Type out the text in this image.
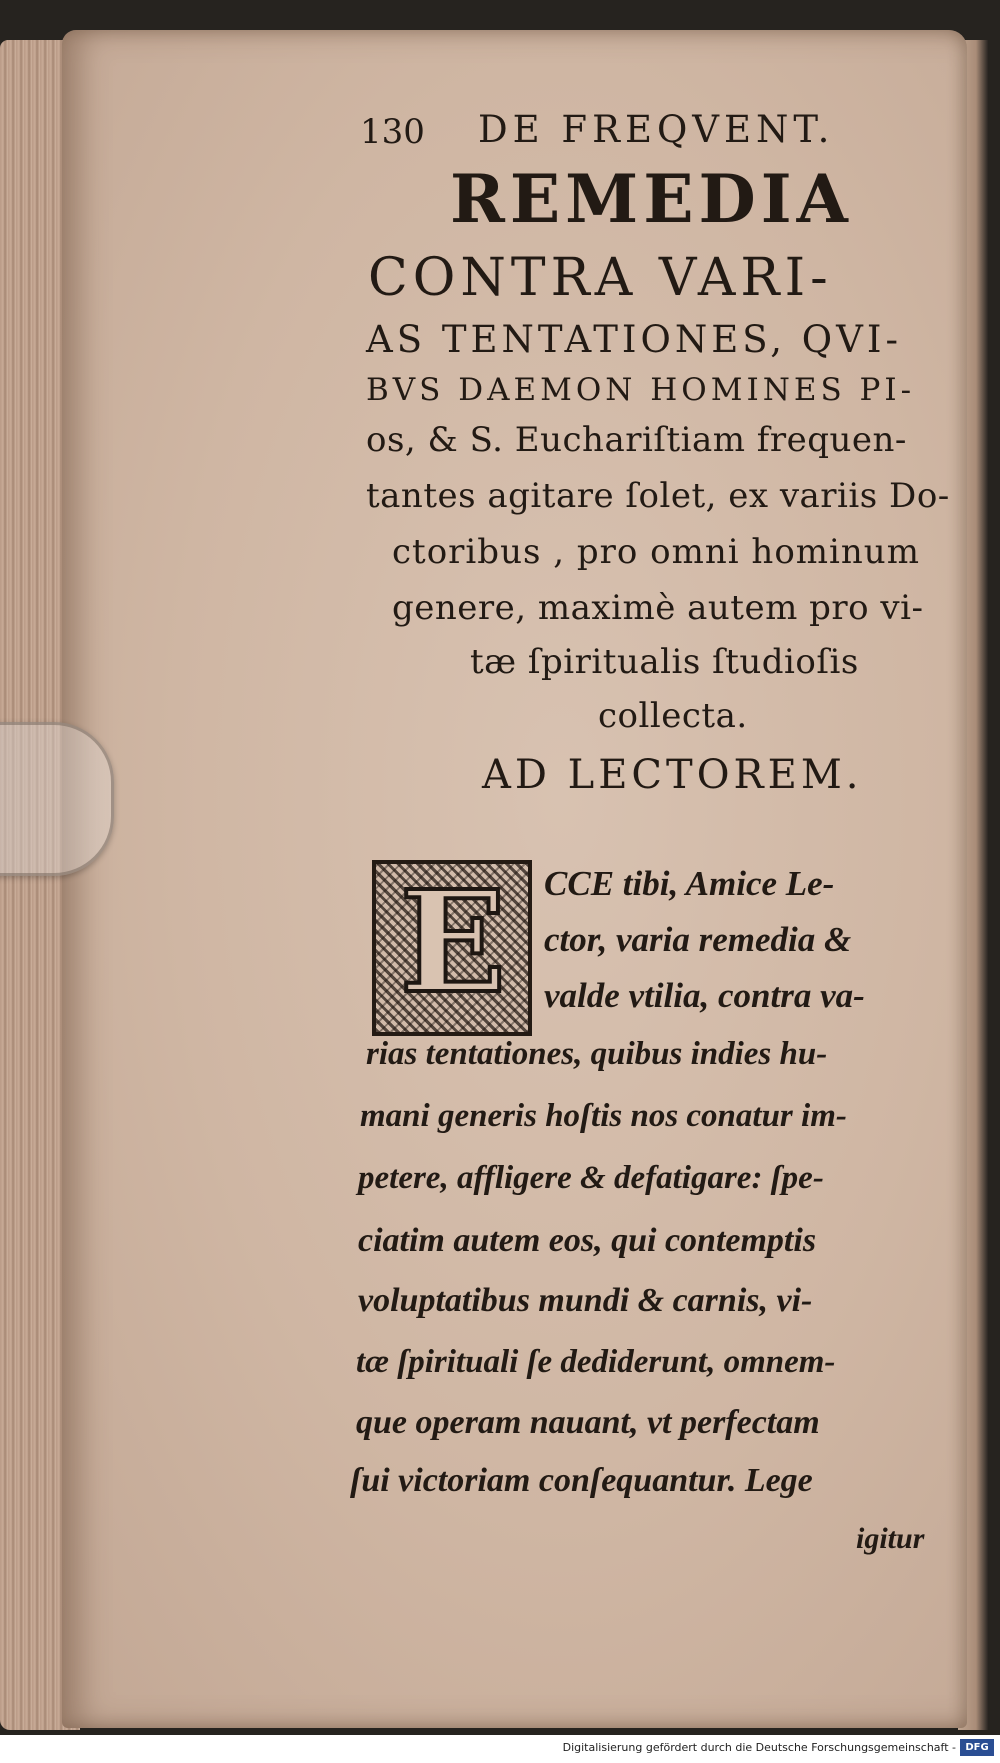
130 DE FREQVENT.
REMEDIA
CONTRA VARI-
AS TENTATIONES, QVI-
BVS DAEMON HOMINES PI-
os, & S. Euchariſtiam frequen-
tantes agitare ſolet, ex variis Do-
ctoribus , pro omni hominum
genere, maximè autem pro vi-
tæ ſpiritualis ſtudioſis
collecta.
AD LECTOREM.
E CCE tibi, Amice Le-
ctor, varia remedia &
valde vtilia, contra va-
rias tentationes, quibus indies hu-
mani generis hoſtis nos conatur im-
petere, affligere & defatigare: ſpe-
ciatim autem eos, qui contemptis
voluptatibus mundi & carnis, vi-
tæ ſpirituali ſe dediderunt, omnem-
que operam nauant, vt perfectam
ſui victoriam conſequantur. Lege
igitur
Digitalisierung gefördert durch die Deutsche Forschungsgemeinschaft - DFG
